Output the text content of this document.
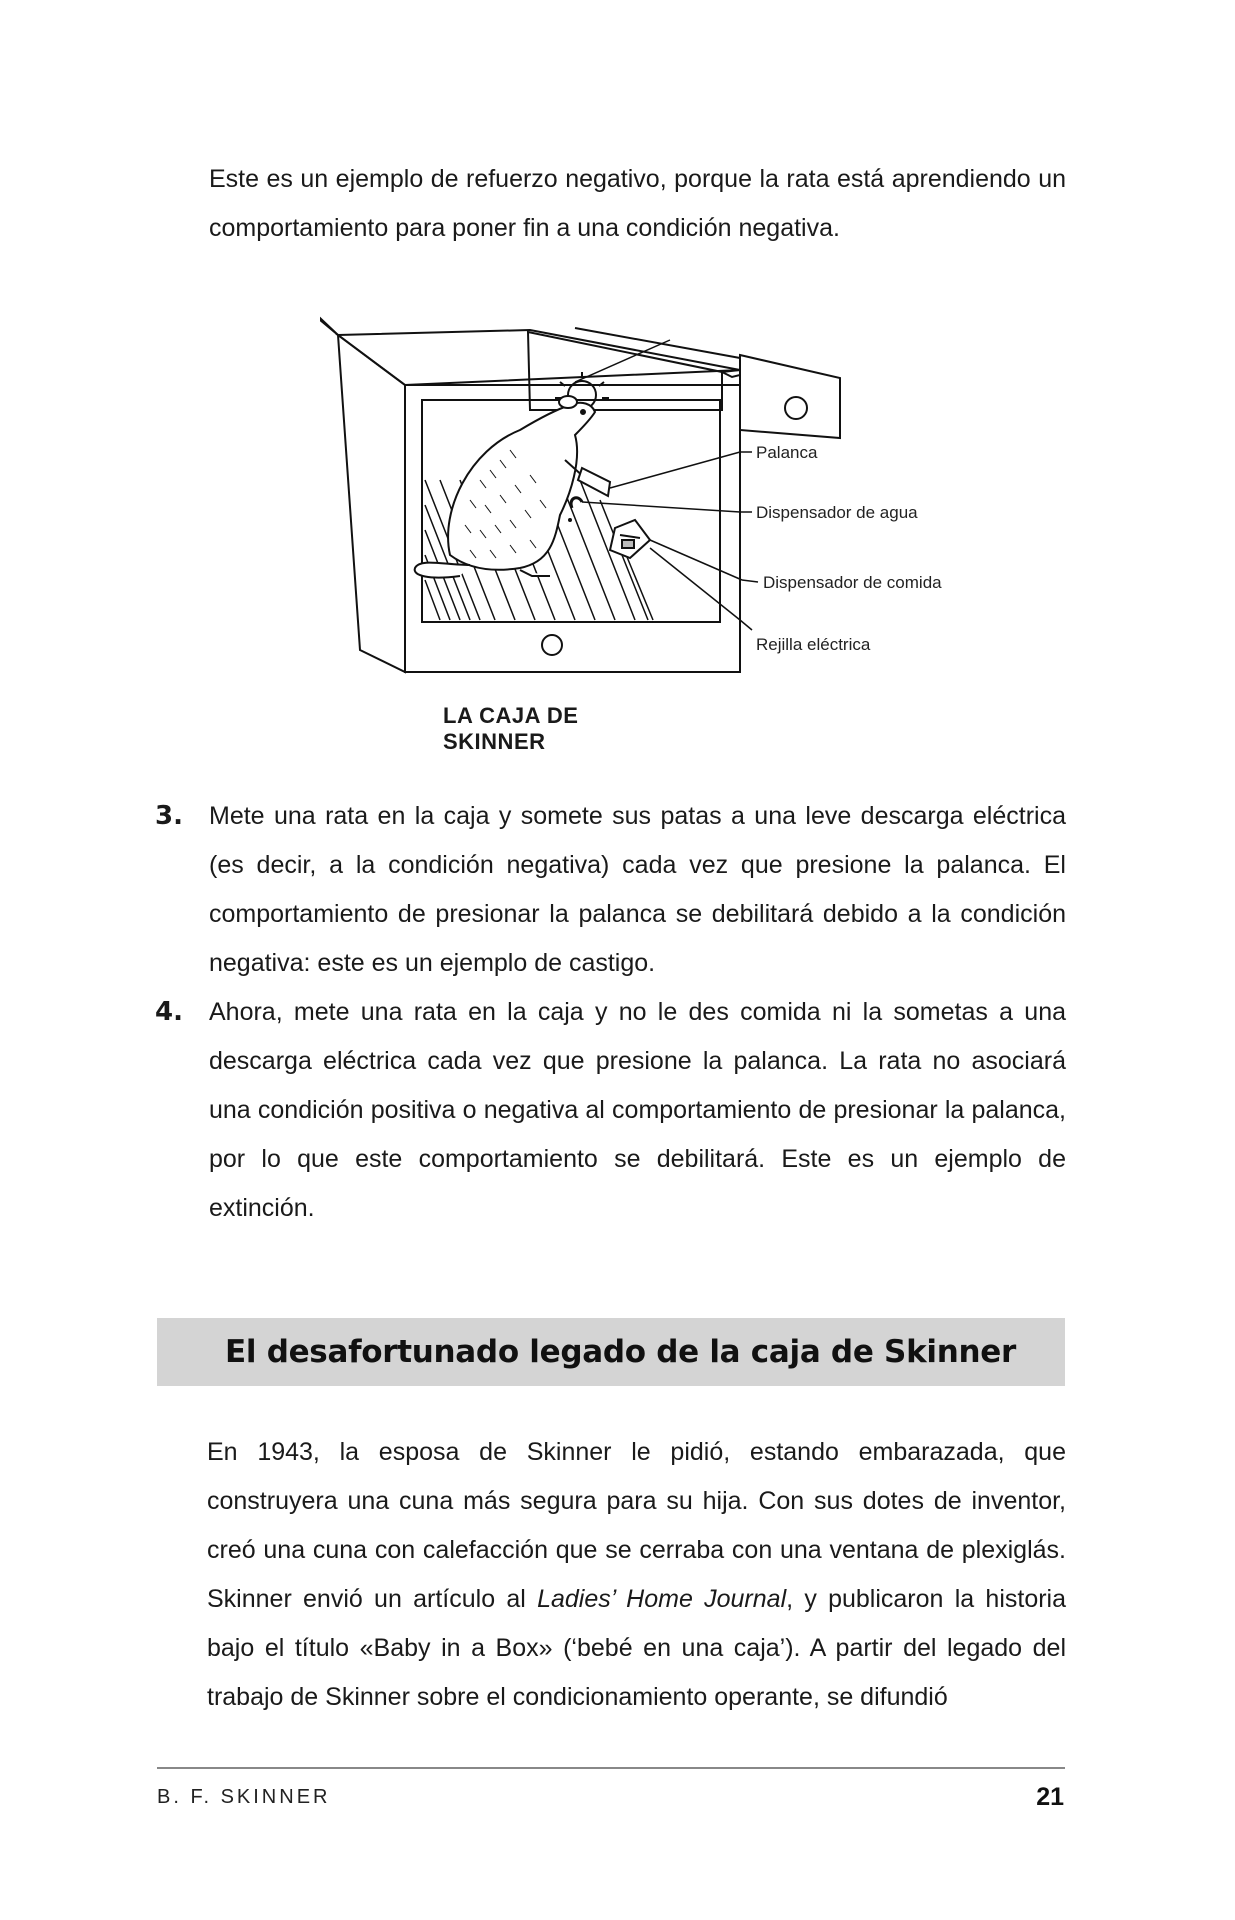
Este es un ejemplo de refuerzo negativo, porque la rata está aprendiendo un comportamiento para poner fin a una condición negativa.

Palanca
Dispensador de agua
Dispensador de comida
Rejilla eléctrica
LA CAJA DE SKINNER
3. Mete una rata en la caja y somete sus patas a una leve descarga eléctrica (es decir, a la condición negativa) cada vez que presione la palanca. El comportamiento de presionar la palanca se debilitará debido a la condición negativa: este es un ejemplo de castigo.

4. Ahora, mete una rata en la caja y no le des comida ni la sometas a una descarga eléctrica cada vez que presione la palanca. La rata no asociará una condición positiva o negativa al comportamiento de presionar la palanca, por lo que este comportamiento se debilitará. Este es un ejemplo de extinción.

El desafortunado legado de la caja de Skinner

En 1943, la esposa de Skinner le pidió, estando embarazada, que construyera una cuna más segura para su hija. Con sus dotes de inventor, creó una cuna con calefacción que se cerraba con una ventana de plexiglás. Skinner envió un artículo al Ladies’ Home Journal, y publicaron la historia bajo el título «Baby in a Box» (‘bebé en una caja’). A partir del legado del trabajo de Skinner sobre el condicionamiento operante, se difundió

B. F. SKINNER	21
